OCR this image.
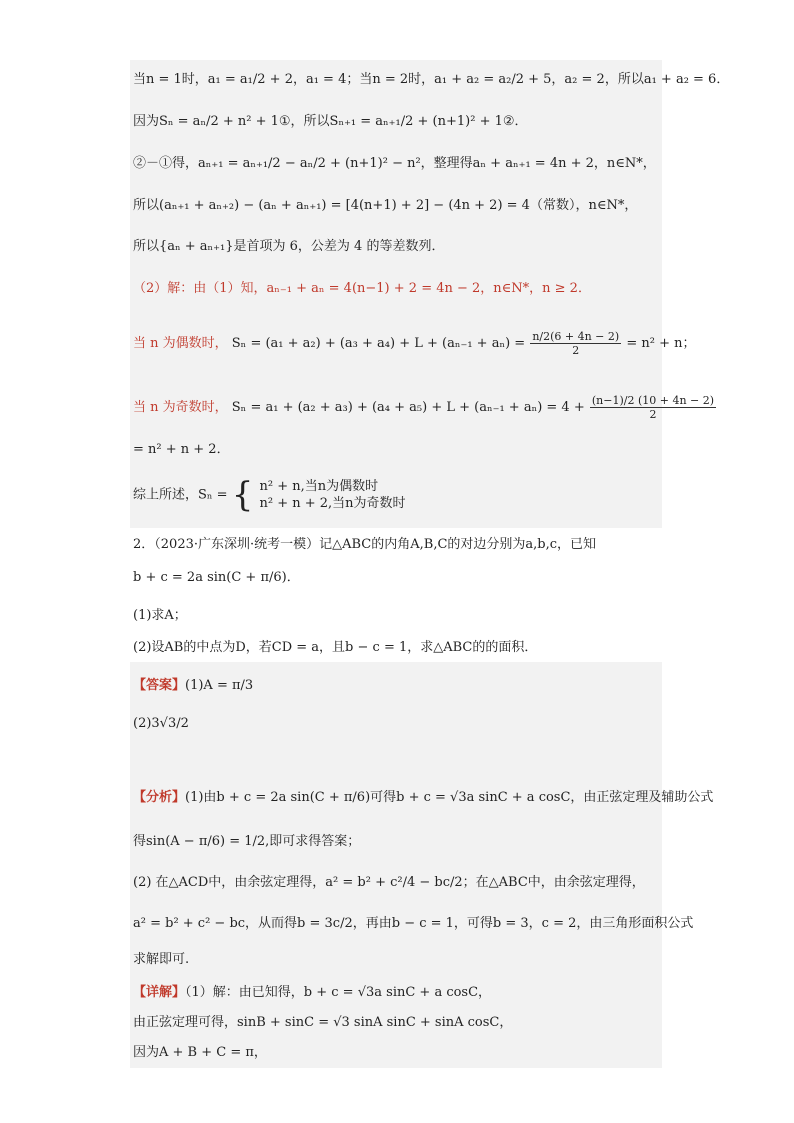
当n = 1时，a₁ = a₁/2 + 2，a₁ = 4；当n = 2时，a₁ + a₂ = a₂/2 + 5，a₂ = 2，所以a₁ + a₂ = 6．
因为Sₙ = aₙ/2 + n² + 1①，所以Sₙ₊₁ = aₙ₊₁/2 + (n+1)² + 1②．
②－①得，aₙ₊₁ = aₙ₊₁/2 − aₙ/2 + (n+1)² − n²，整理得aₙ + aₙ₊₁ = 4n + 2，n∈N*，
所以(aₙ₊₁ + aₙ₊₂) − (aₙ + aₙ₊₁) = [4(n+1) + 2] − (4n + 2) = 4（常数），n∈N*，
所以{aₙ + aₙ₊₁}是首项为 6，公差为 4 的等差数列．
（2）解：由（1）知，aₙ₋₁ + aₙ = 4(n−1) + 2 = 4n − 2，n∈N*，n ≥ 2．
当 n 为偶数时， $S_n = (a_1 + a_2) + (a_3 + a_4) + L + (a_{n-1} + a_n) = \frac{n/2(6 + 4n - 2)}{2} = n^2 + n$；
当 n 为奇数时， $S_n = a_1 + (a_2 + a_3) + (a_4 + a_5) + L + (a_{n-1} + a_n) = 4 + \frac{(n-1)/2 (10 + 4n - 2)}{2}$
= n² + n + 2．
综上所述，Sₙ = { n² + n,当n为偶数时
n² + n + 2,当n为奇数时
2．（2023·广东深圳·统考一模）记△ABC的内角A,B,C的对边分别为a,b,c，已知
b + c = 2a sin(C + π/6)．
(1)求A；
(2)设AB的中点为D，若CD = a，且b − c = 1，求△ABC的的面积．
【答案】(1)A = π/3
(2)3√3/2
【分析】(1)由b + c = 2a sin(C + π/6)可得b + c = √3a sinC + a cosC，由正弦定理及辅助公式
得sin(A − π/6) = 1/2,即可求得答案；
(2) 在△ACD中，由余弦定理得，a² = b² + c²/4 − bc/2；在△ABC中，由余弦定理得，
a² = b² + c² − bc，从而得b = 3c/2，再由b − c = 1，可得b = 3，c = 2，由三角形面积公式
求解即可.
【详解】（1）解：由已知得，b + c = √3a sinC + a cosC，
由正弦定理可得，sinB + sinC = √3 sinA sinC + sinA cosC，
因为A + B + C = π，
